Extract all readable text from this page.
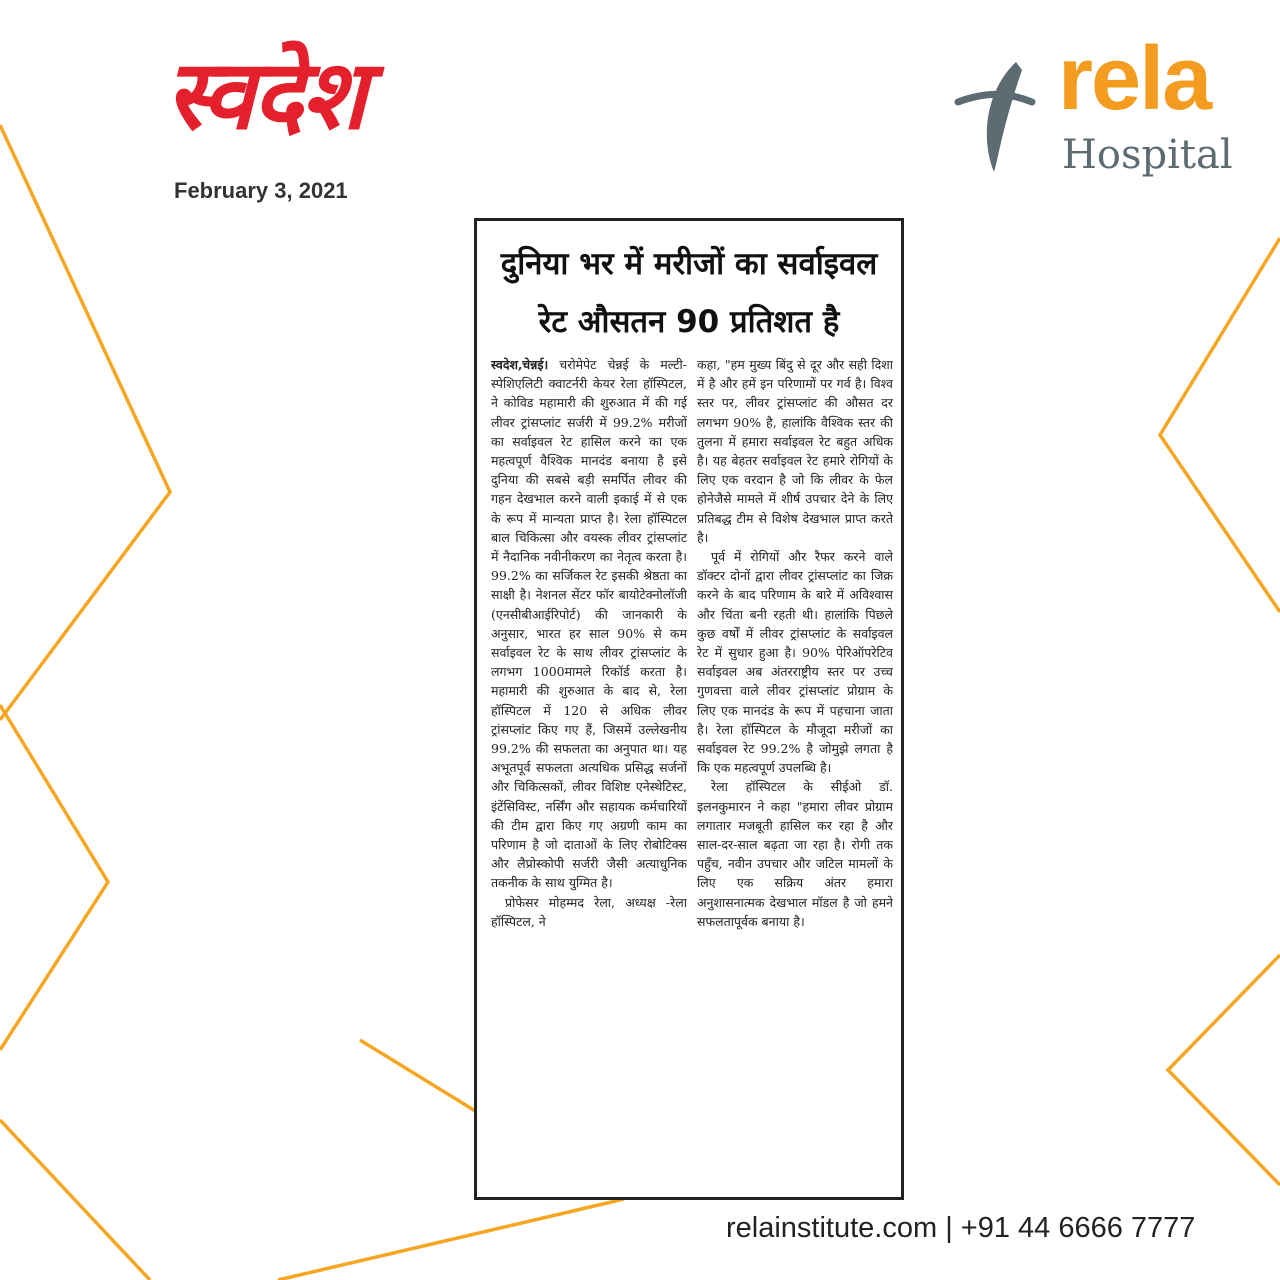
स्वदेश
February 3, 2021
rela
Hospital
दुनिया भर में मरीजों का सर्वाइवल
रेट औसतन 90 प्रतिशत है

स्वदेश,चेन्नई। चरोमेपेट चेन्नई के मल्टी-स्पेशिएलिटी क्वाटर्नरी केयर रेला हॉस्पिटल, ने कोविड महामारी की शुरुआत में की गई लीवर ट्रांसप्लांट सर्जरी में 99.2% मरीजों का सर्वाइवल रेट हासिल करने का एक महत्वपूर्ण वैश्विक मानदंड बनाया है इसे दुनिया की सबसे बड़ी समर्पित लीवर की गहन देखभाल करने वाली इकाई में से एक के रूप में मान्यता प्राप्त है। रेला हॉस्पिटल बाल चिकित्सा और वयस्क लीवर ट्रांसप्लांट में नैदानिक नवीनीकरण का नेतृत्व करता है। 99.2% का सर्जिकल रेट इसकी श्रेष्ठता का साक्षी है। नेशनल सेंटर फॉर बायोटेक्नोलॉजी (एनसीबीआईरिपोर्ट) की जानकारी के अनुसार, भारत हर साल 90% से कम सर्वाइवल रेट के साथ लीवर ट्रांसप्लांट के लगभग 1000मामले रिकॉर्ड करता है। महामारी की शुरुआत के बाद से, रेला हॉस्पिटल में 120 से अधिक लीवर ट्रांसप्लांट किए गए हैं, जिसमें उल्लेखनीय 99.2% की सफलता का अनुपात था। यह अभूतपूर्व सफलता अत्यधिक प्रसिद्ध सर्जनों और चिकित्सकों, लीवर विशिष्ट एनेस्थेटिस्ट, इंटेंसिविस्ट, नर्सिंग और सहायक कर्मचारियों की टीम द्वारा किए गए अग्रणी काम का परिणाम है जो दाताओं के लिए रोबोटिक्स और लैप्रोस्कोपी सर्जरी जैसी अत्याधुनिक तकनीक के साथ युग्मित है।

प्रोफेसर मोहम्मद रेला, अध्यक्ष -रेला हॉस्पिटल, ने

कहा, "हम मुख्य बिंदु से दूर और सही दिशा में है और हमें इन परिणामों पर गर्व है। विश्व स्तर पर, लीवर ट्रांसप्लांट की औसत दर लगभग 90% है, हालांकि वैश्विक स्तर की तुलना में हमारा सर्वाइवल रेट बहुत अधिक है। यह बेहतर सर्वाइवल रेट हमारे रोगियों के लिए एक वरदान है जो कि लीवर के फेल होनेजैसे मामले में शीर्ष उपचार देने के लिए प्रतिबद्ध टीम से विशेष देखभाल प्राप्त करते है।

पूर्व में रोगियों और रैफर करने वाले डॉक्टर दोनों द्वारा लीवर ट्रांसप्लांट का जिक्र करने के बाद परिणाम के बारे में अविश्वास और चिंता बनी रहती थी। हालांकि पिछले कुछ वर्षों में लीवर ट्रांसप्लांट के सर्वाइवल रेट में सुधार हुआ है। 90% पेरिऑपरेटिव सर्वाइवल अब अंतरराष्ट्रीय स्तर पर उच्च गुणवत्ता वाले लीवर ट्रांसप्लांट प्रोग्राम के लिए एक मानदंड के रूप में पहचाना जाता है। रेला हॉस्पिटल के मौजूदा मरीजों का सर्वाइवल रेट 99.2% है जोमुझे लगता है कि एक महत्वपूर्ण उपलब्धि है।

रेला हॉस्पिटल के सीईओ डॉ. इलनकुमारन ने कहा "हमारा लीवर प्रोग्राम लगातार मजबूती हासिल कर रहा है और साल-दर-साल बढ़ता जा रहा है। रोगी तक पहुँच, नवीन उपचार और जटिल मामलों के लिए एक सक्रिय अंतर हमारा अनुशासनात्मक देखभाल मॉडल है जो हमने सफलतापूर्वक बनाया है।

relainstitute.com | +91 44 6666 7777
